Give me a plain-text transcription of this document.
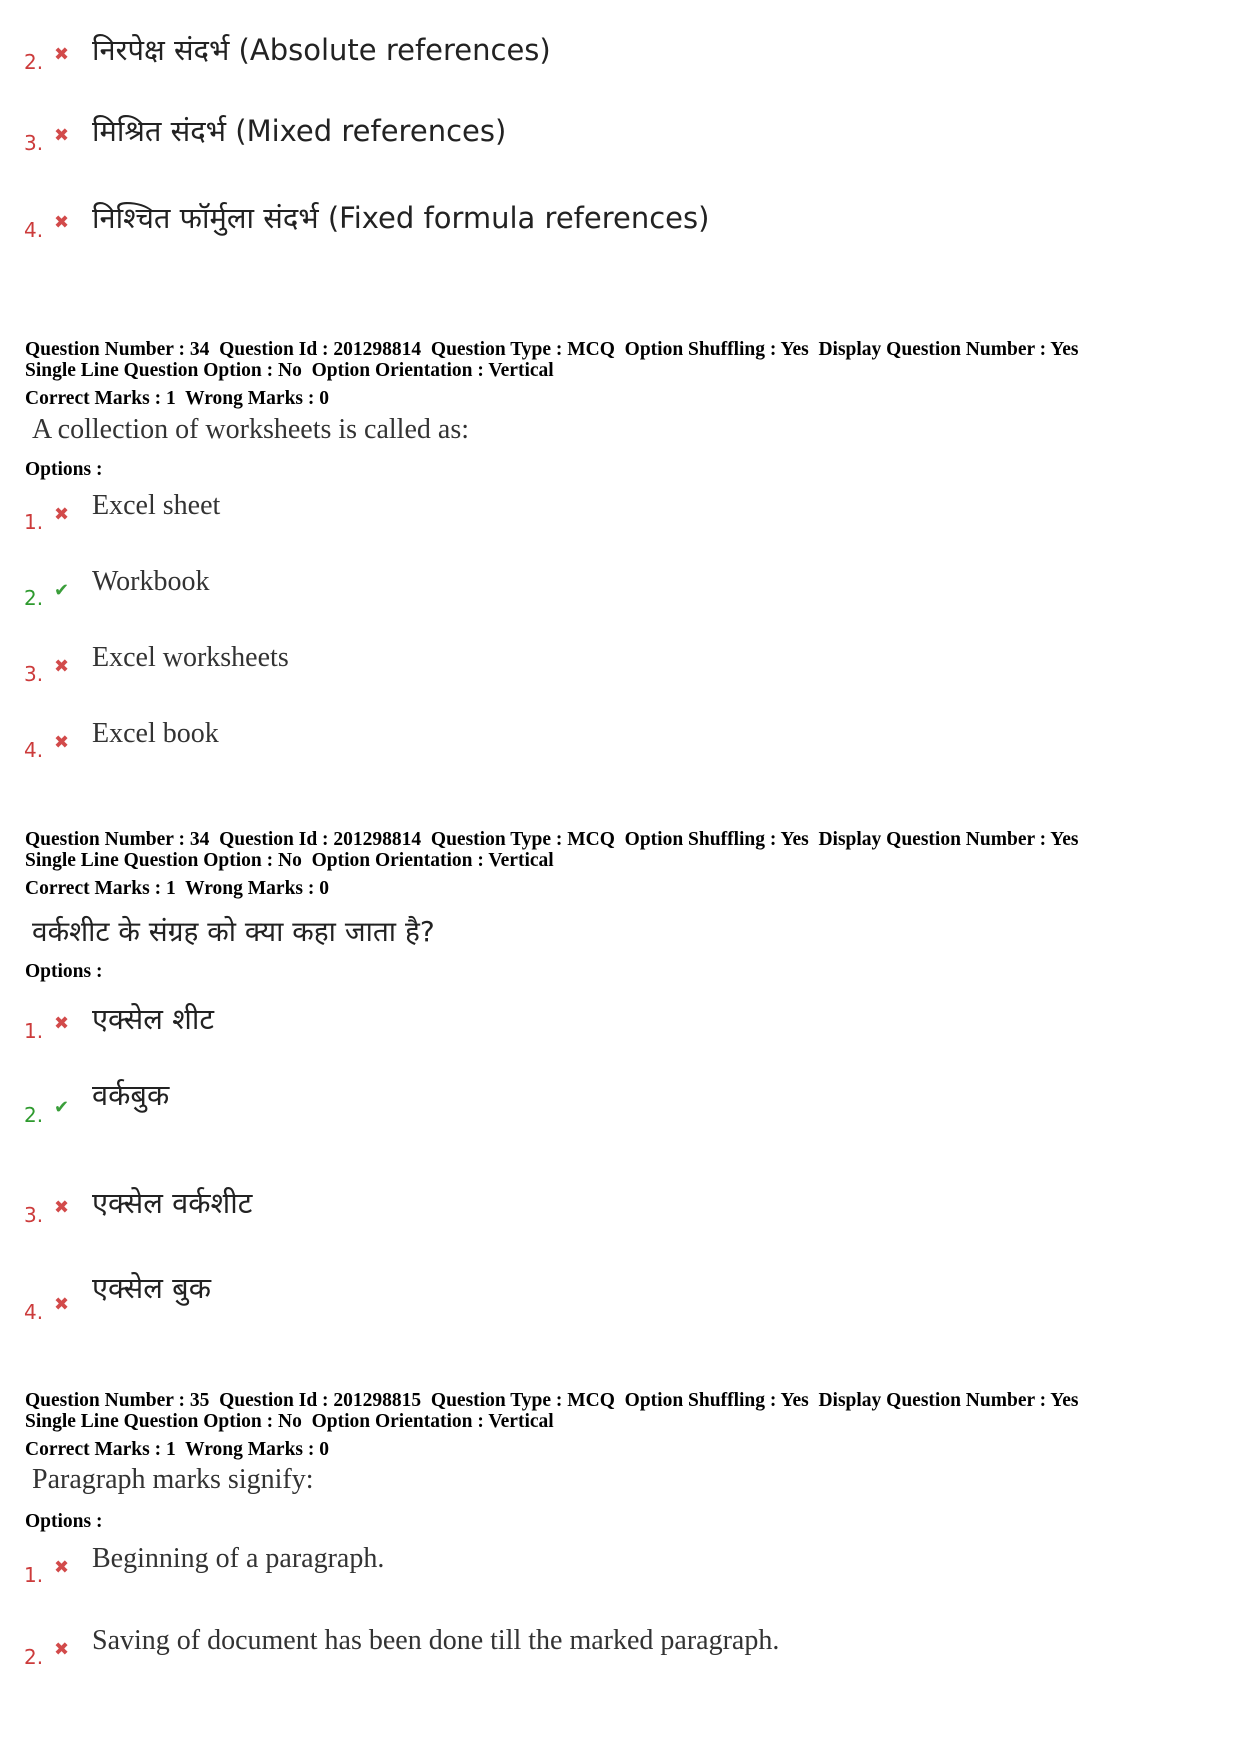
2. ✖ निरपेक्ष संदर्भ (Absolute references)
3. ✖ मिश्रित संदर्भ (Mixed references)
4. ✖ निश्चित फॉर्मुला संदर्भ (Fixed formula references)
Question Number : 34  Question Id : 201298814  Question Type : MCQ  Option Shuffling : Yes  Display Question Number : Yes
Single Line Question Option : No  Option Orientation : Vertical
Correct Marks : 1  Wrong Marks : 0
A collection of worksheets is called as:
Options :
1. ✖ Excel sheet
2. ✔ Workbook
3. ✖ Excel worksheets
4. ✖ Excel book
Question Number : 34  Question Id : 201298814  Question Type : MCQ  Option Shuffling : Yes  Display Question Number : Yes
Single Line Question Option : No  Option Orientation : Vertical
Correct Marks : 1  Wrong Marks : 0
वर्कशीट के संग्रह को क्या कहा जाता है?
Options :
1. ✖ एक्सेल शीट
2. ✔ वर्कबुक
3. ✖ एक्सेल वर्कशीट
4. ✖ एक्सेल बुक
Question Number : 35  Question Id : 201298815  Question Type : MCQ  Option Shuffling : Yes  Display Question Number : Yes
Single Line Question Option : No  Option Orientation : Vertical
Correct Marks : 1  Wrong Marks : 0
Paragraph marks signify:
Options :
1. ✖ Beginning of a paragraph.
2. ✖ Saving of document has been done till the marked paragraph.
